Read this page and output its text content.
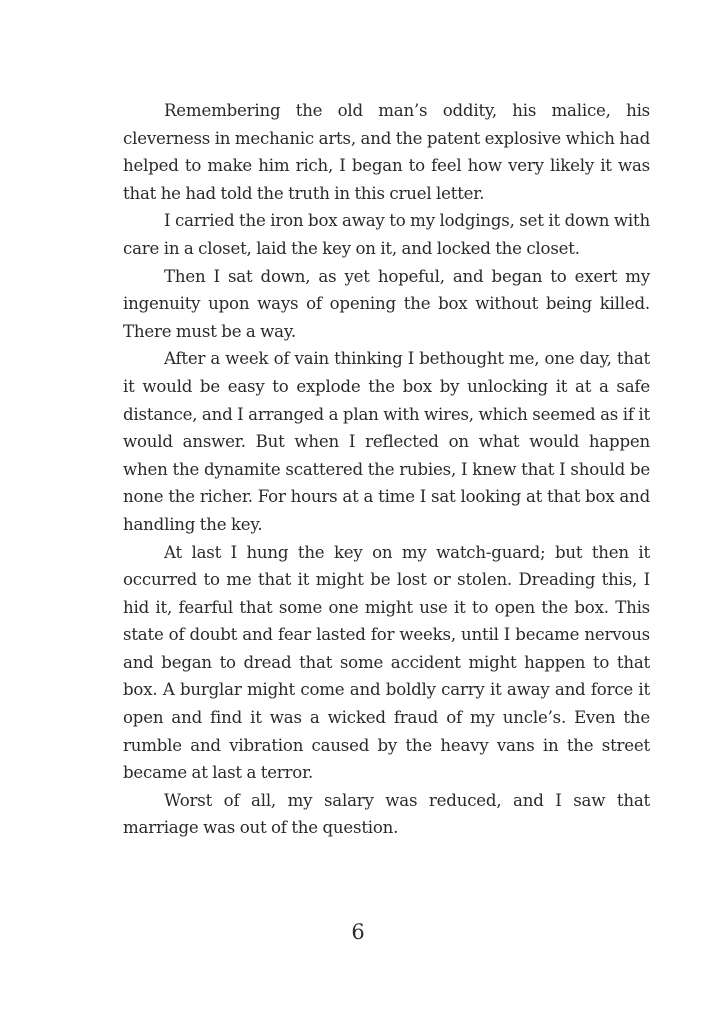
Remembering the old man’s oddity, his malice, his cleverness in mechanic arts, and the patent explosive which had helped to make him rich, I began to feel how very likely it was that he had told the truth in this cruel letter.

I carried the iron box away to my lodgings, set it down with care in a closet, laid the key on it, and locked the closet.

Then I sat down, as yet hopeful, and began to exert my ingenuity upon ways of opening the box without being killed. There must be a way.

After a week of vain thinking I bethought me, one day, that it would be easy to explode the box by unlocking it at a safe distance, and I arranged a plan with wires, which seemed as if it would answer. But when I reflected on what would happen when the dynamite scattered the rubies, I knew that I should be none the richer. For hours at a time I sat looking at that box and handling the key.

At last I hung the key on my watch-guard; but then it occurred to me that it might be lost or stolen. Dreading this, I hid it, fearful that some one might use it to open the box. This state of doubt and fear lasted for weeks, until I became nervous and began to dread that some accident might happen to that box. A burglar might come and boldly carry it away and force it open and find it was a wicked fraud of my uncle’s. Even the rumble and vibration caused by the heavy vans in the street became at last a terror.

Worst of all, my salary was reduced, and I saw that marriage was out of the question.

6
